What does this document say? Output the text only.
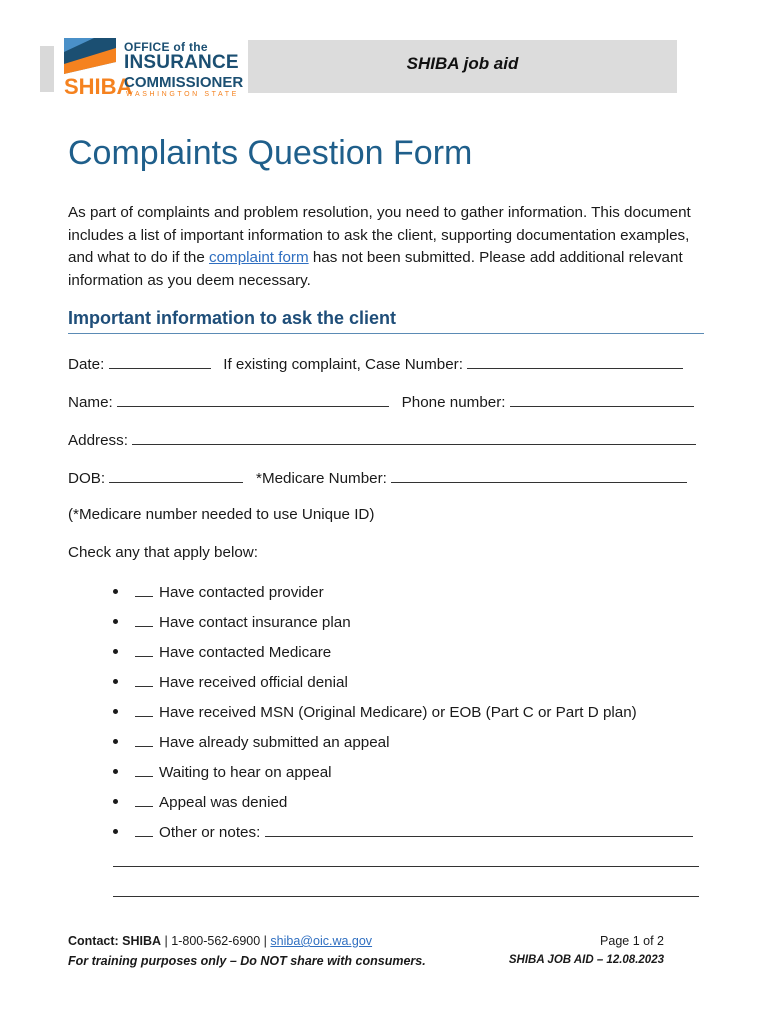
SHIBA
OFFICE of the
INSURANCE
COMMISSIONER
WASHINGTON STATE
SHIBA job aid
Complaints Question Form

As part of complaints and problem resolution, you need to gather information. This document includes a list of important information to ask the client, supporting documentation examples, and what to do if the complaint form has not been submitted. Please add additional relevant information as you deem necessary.

Important information to ask the client
Date:	If existing complaint, Case Number:
Name:	Phone number:
Address:
DOB:	*Medicare Number:
(*Medicare number needed to use Unique ID)
Check any that apply below:
Have contacted provider
Have contact insurance plan
Have contacted Medicare
Have received official denial
Have received MSN (Original Medicare) or EOB (Part C or Part D plan)
Have already submitted an appeal
Waiting to hear on appeal
Appeal was denied
Other or notes:
Contact: SHIBA | 1-800-562-6900 | shiba@oic.wa.gov	Page 1 of 2
For training purposes only – Do NOT share with consumers.	SHIBA JOB AID – 12.08.2023
